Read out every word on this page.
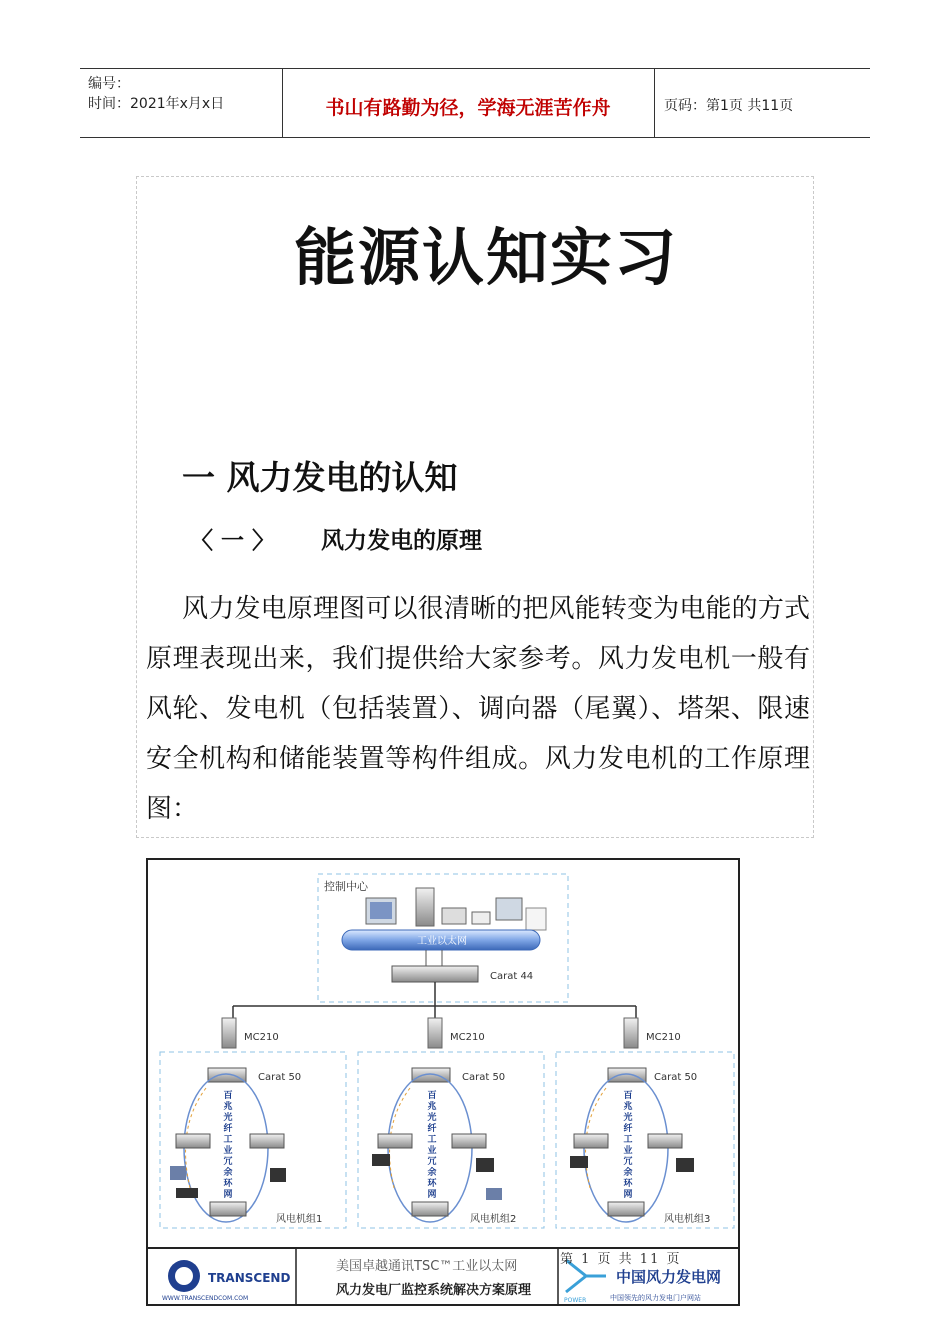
编号：
时间：2021年x月x日	书山有路勤为径，学海无涯苦作舟	页码：第1页 共11页
能源认知实习
一 风力发电的认知
〈 一 〉 风力发电的原理
风力发电原理图可以很清晰的把风能转变为电能的方式原理表现出来，我们提供给大家参考。风力发电机一般有风轮、发电机（包括装置）、调向器（尾翼）、塔架、限速安全机构和储能装置等构件组成。风力发电机的工作原理图：
控制中心
工业以太网
Carat 44
MC210
Carat 50
风电机组1
MC210
Carat 50
风电机组2
MC210
Carat 50
风电机组3
百兆光纤工业冗余环网
百兆光纤工业冗余环网
百兆光纤工业冗余环网
TRANSCEND
WWW.TRANSCENDCOM.COM
美国卓越通讯TSC™工业以太网
风力发电厂监控系统解决方案原理
POWER
中国风力发电网
中国领先的风力发电门户网站
第 1 页 共 11 页
